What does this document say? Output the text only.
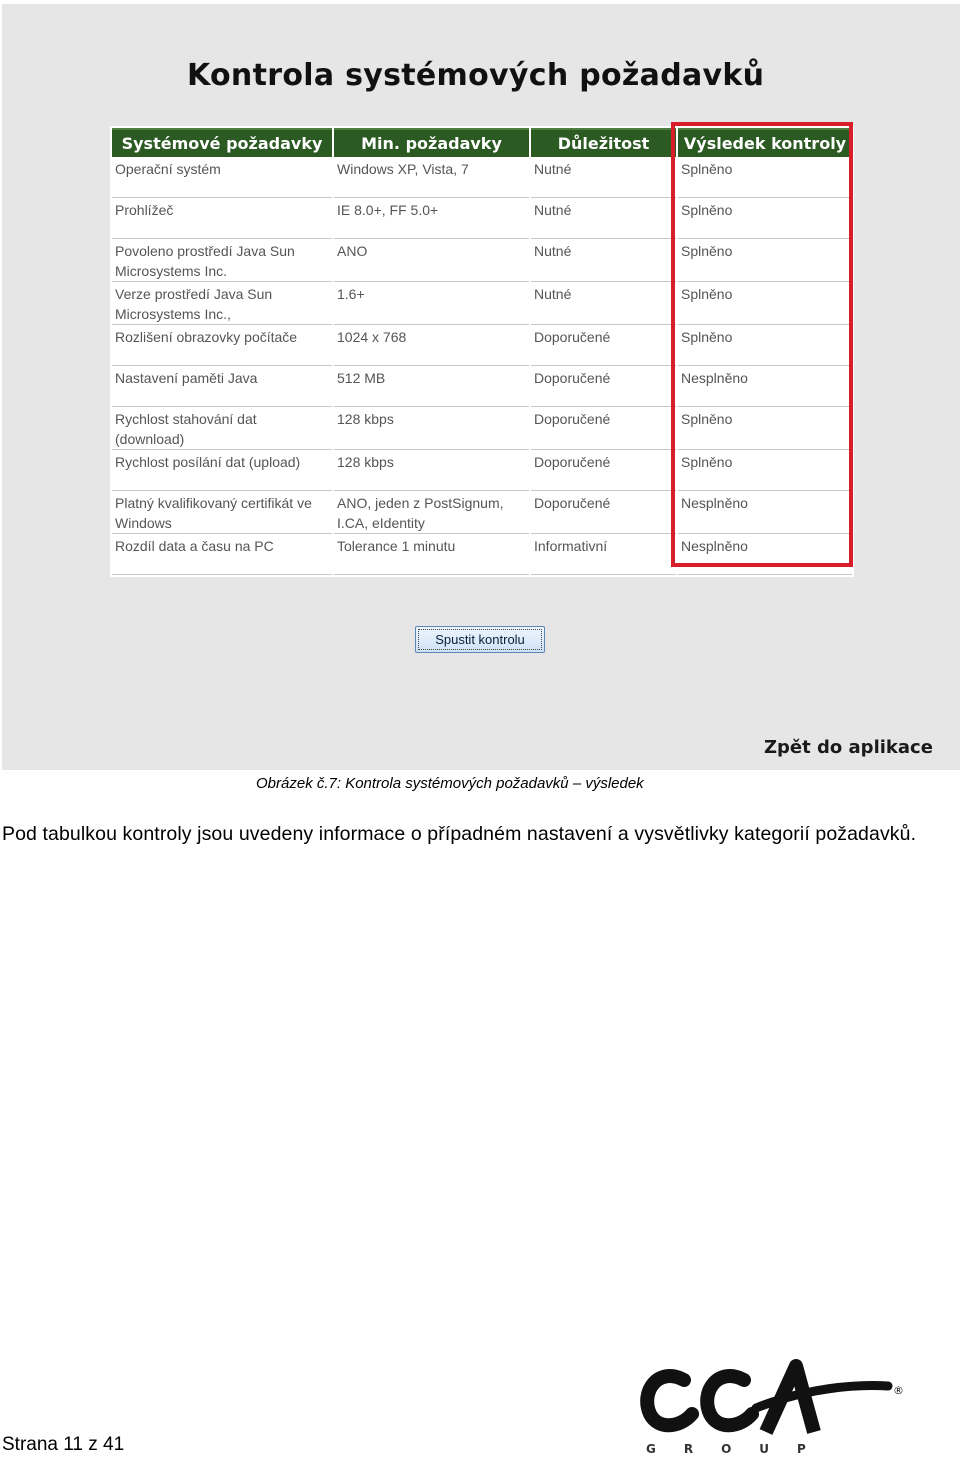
Kontrola systémových požadavků
Systémové požadavky	Min. požadavky	Důležitost	Výsledek kontroly
Operační systém	Windows XP, Vista, 7	Nutné	Splněno
Prohlížeč	IE 8.0+, FF 5.0+	Nutné	Splněno
Povoleno prostředí Java Sun Microsystems Inc.	ANO	Nutné	Splněno
Verze prostředí Java Sun Microsystems Inc.,	1.6+	Nutné	Splněno
Rozlišení obrazovky počítače	1024 x 768	Doporučené	Splněno
Nastavení paměti Java	512 MB	Doporučené	Nesplněno
Rychlost stahování dat (download)	128 kbps	Doporučené	Splněno
Rychlost posílání dat (upload)	128 kbps	Doporučené	Splněno
Platný kvalifikovaný certifikát ve Windows	ANO, jeden z PostSignum, I.CA, eIdentity	Doporučené	Nesplněno
Rozdíl data a času na PC	Tolerance 1 minutu	Informativní	Nesplněno
Spustit kontrolu
Zpět do aplikace
Obrázek č.7: Kontrola systémových požadavků – výsledek
Pod tabulkou kontroly jsou uvedeny informace o případném nastavení a vysvětlivky kategorií požadavků.
Strana 11 z 41
®
GROUP
